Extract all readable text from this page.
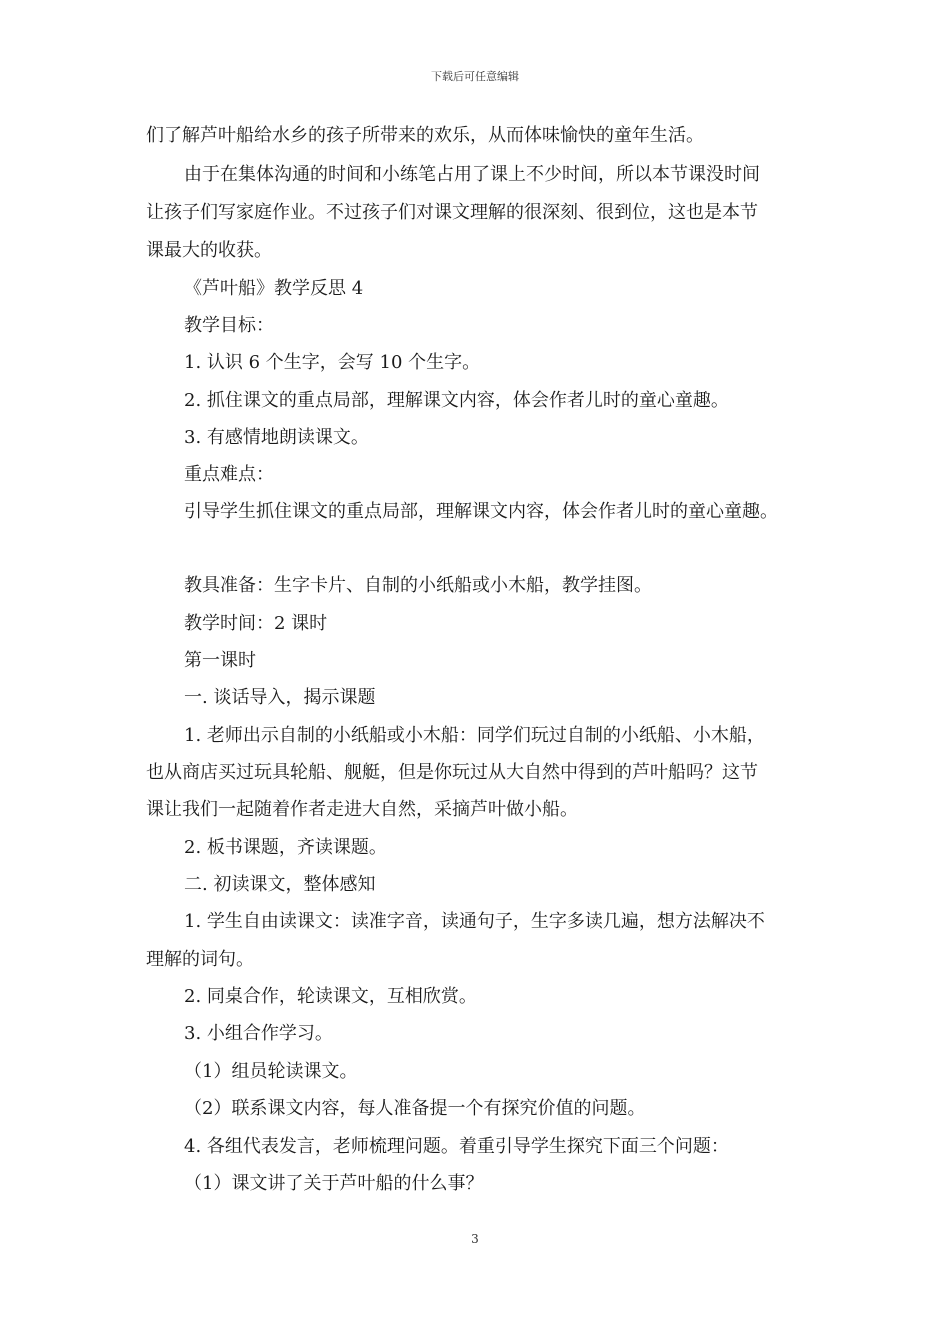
下载后可任意编辑
们了解芦叶船给水乡的孩子所带来的欢乐，从而体味愉快的童年生活。
由于在集体沟通的时间和小练笔占用了课上不少时间，所以本节课没时间
让孩子们写家庭作业。不过孩子们对课文理解的很深刻、很到位，这也是本节
课最大的收获。
《芦叶船》教学反思 4
教学目标：
1. 认识 6 个生字，会写 10 个生字。
2. 抓住课文的重点局部，理解课文内容，体会作者儿时的童心童趣。
3. 有感情地朗读课文。
重点难点：
引导学生抓住课文的重点局部，理解课文内容，体会作者儿时的童心童趣。
教具准备：生字卡片、自制的小纸船或小木船，教学挂图。
教学时间：2 课时
第一课时
一. 谈话导入，揭示课题
1. 老师出示自制的小纸船或小木船：同学们玩过自制的小纸船、小木船，
也从商店买过玩具轮船、舰艇，但是你玩过从大自然中得到的芦叶船吗？这节
课让我们一起随着作者走进大自然，采摘芦叶做小船。
2. 板书课题，齐读课题。
二. 初读课文，整体感知
1. 学生自由读课文：读准字音，读通句子，生字多读几遍，想方法解决不
理解的词句。
2. 同桌合作，轮读课文，互相欣赏。
3. 小组合作学习。
（1）组员轮读课文。
（2）联系课文内容，每人准备提一个有探究价值的问题。
4. 各组代表发言，老师梳理问题。着重引导学生探究下面三个问题：
（1）课文讲了关于芦叶船的什么事？
3
